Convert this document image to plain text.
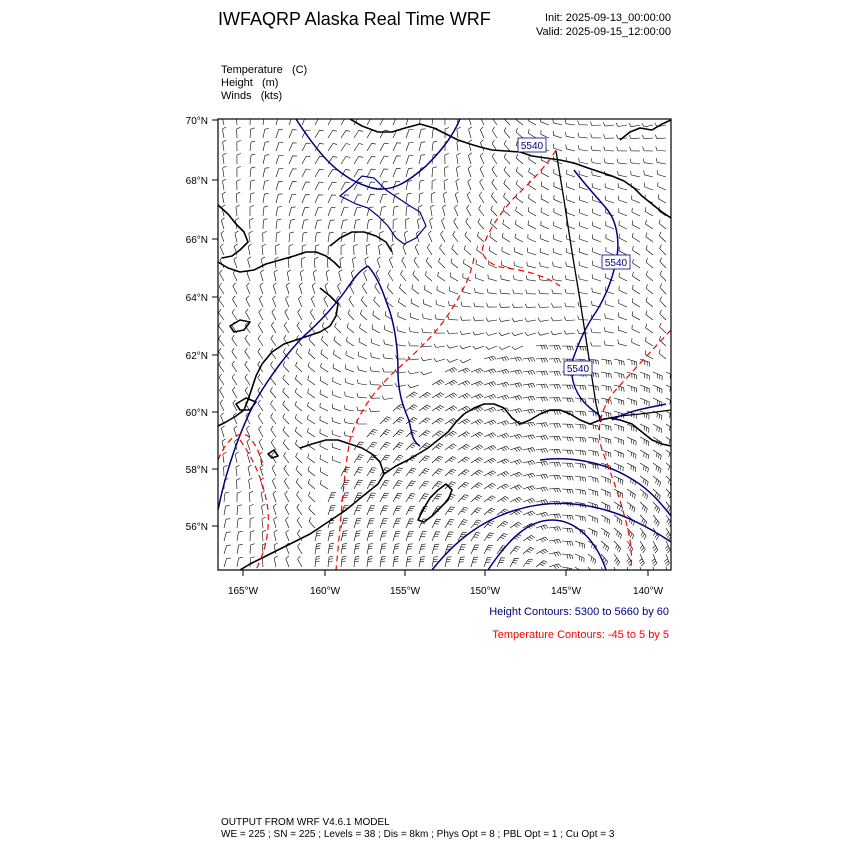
IWFAQRP Alaska Real Time WRF	Init: 2025-09-13_00:00:00
Valid: 2025-09-15_12:00:00
Temperature (C)
Height (m)
Winds (kts)
5540
5540
5540
70°N
68°N
66°N
64°N
62°N
60°N
58°N
56°N
165°W	160°W	155°W	150°W	145°W	140°W
Height Contours: 5300 to 5660 by 60
Temperature Contours: -45 to 5 by 5
OUTPUT FROM WRF V4.6.1 MODEL
WE = 225 ; SN = 225 ; Levels = 38 ; Dis = 8km ; Phys Opt = 8 ; PBL Opt = 1 ; Cu Opt = 3
